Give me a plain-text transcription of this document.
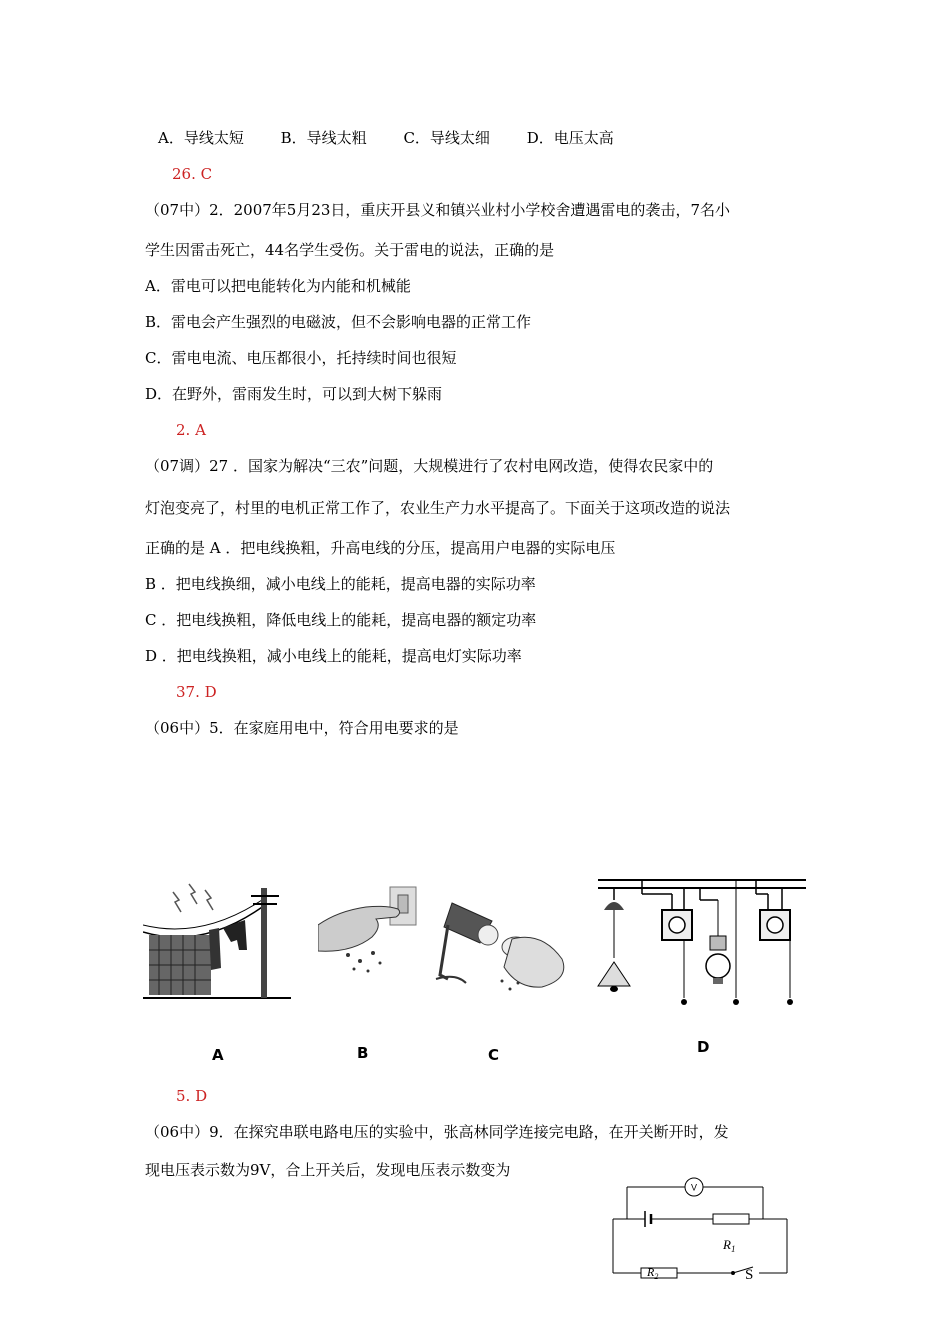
A．导线太短 B．导线太粗 C．导线太细 D．电压太高
26. C
（07中）2．2007年5月23日，重庆开县义和镇兴业村小学校舍遭遇雷电的袭击，7名小
学生因雷击死亡，44名学生受伤。关于雷电的说法，正确的是
A．雷电可以把电能转化为内能和机械能
B．雷电会产生强烈的电磁波，但不会影响电器的正常工作
C．雷电电流、电压都很小，托持续时间也很短
D．在野外，雷雨发生时，可以到大树下躲雨
2. A
（07调）27 ．国家为解决“三农”问题，大规模进行了农村电网改造，使得农民家中的
灯泡变亮了，村里的电机正常工作了，农业生产力水平提高了。下面关于这项改造的说法
正确的是 A ．把电线换粗，升高电线的分压，提高用户电器的实际电压
B ．把电线换细，减小电线上的能耗，提高电器的实际功率
C ．把电线换粗，降低电线上的能耗，提高电器的额定功率
D ．把电线换粗，减小电线上的能耗，提高电灯实际功率
37. D
（06中）5．在家庭用电中，符合用电要求的是
A	B	C	D
5. D
（06中）9．在探究串联电路电压的实验中，张高林同学连接完电路，在开关断开时，发
现电压表示数为9V，合上开关后，发现电压表示数变为
V
$R_1$
$R_2$	S
